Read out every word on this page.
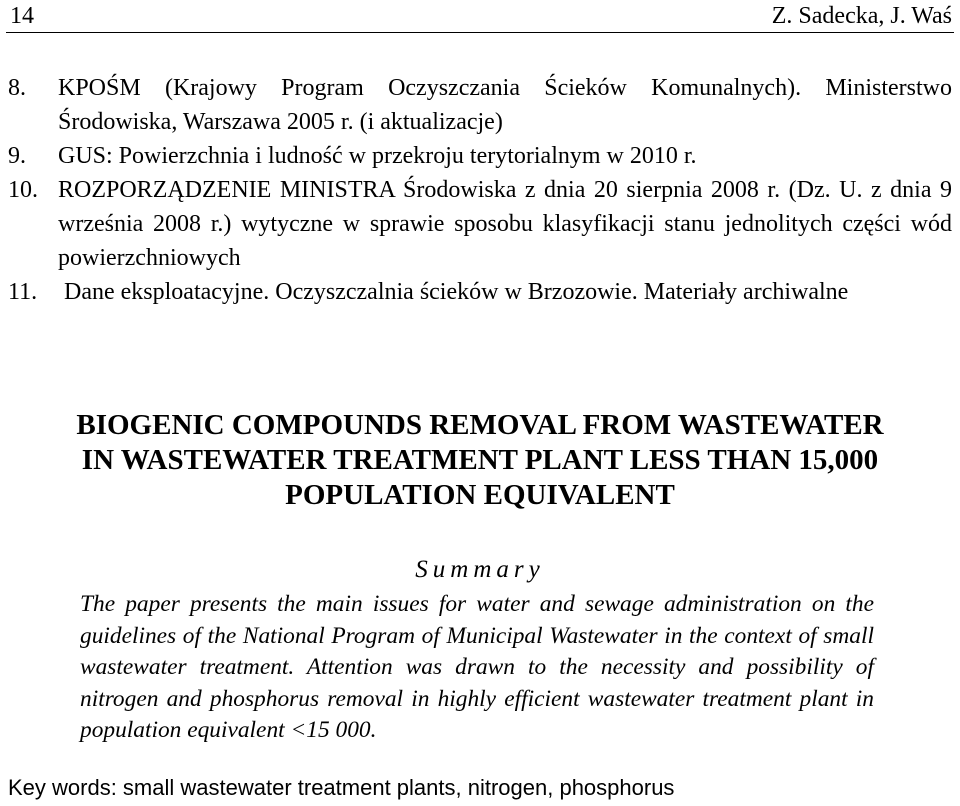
14	Z. Sadecka, J. Waś
8.	KPOŚM (Krajowy Program Oczyszczania Ścieków Komunalnych). Ministerstwo Środowiska, Warszawa 2005 r. (i aktualizacje)
9.	GUS: Powierzchnia i ludność w przekroju terytorialnym w 2010 r.
10. ROZPORZĄDZENIE MINISTRA Środowiska z dnia 20 sierpnia 2008 r. (Dz. U. z dnia 9 września 2008 r.) wytyczne w sprawie sposobu klasyfikacji stanu jednolitych części wód powierzchniowych
11.	Dane eksploatacyjne. Oczyszczalnia ścieków w Brzozowie. Materiały archiwalne
BIOGENIC COMPOUNDS REMOVAL FROM WASTEWATER
IN WASTEWATER TREATMENT PLANT LESS THAN 15,000
POPULATION EQUIVALENT
Summary
The paper presents the main issues for water and sewage administration on the guidelines of the National Program of Municipal Wastewater in the context of small wastewater treatment. Attention was drawn to the necessity and possibility of nitrogen and phosphorus removal in highly efficient wastewater treatment plant in population equivalent <15 000.
Key words: small wastewater treatment plants, nitrogen, phosphorus
